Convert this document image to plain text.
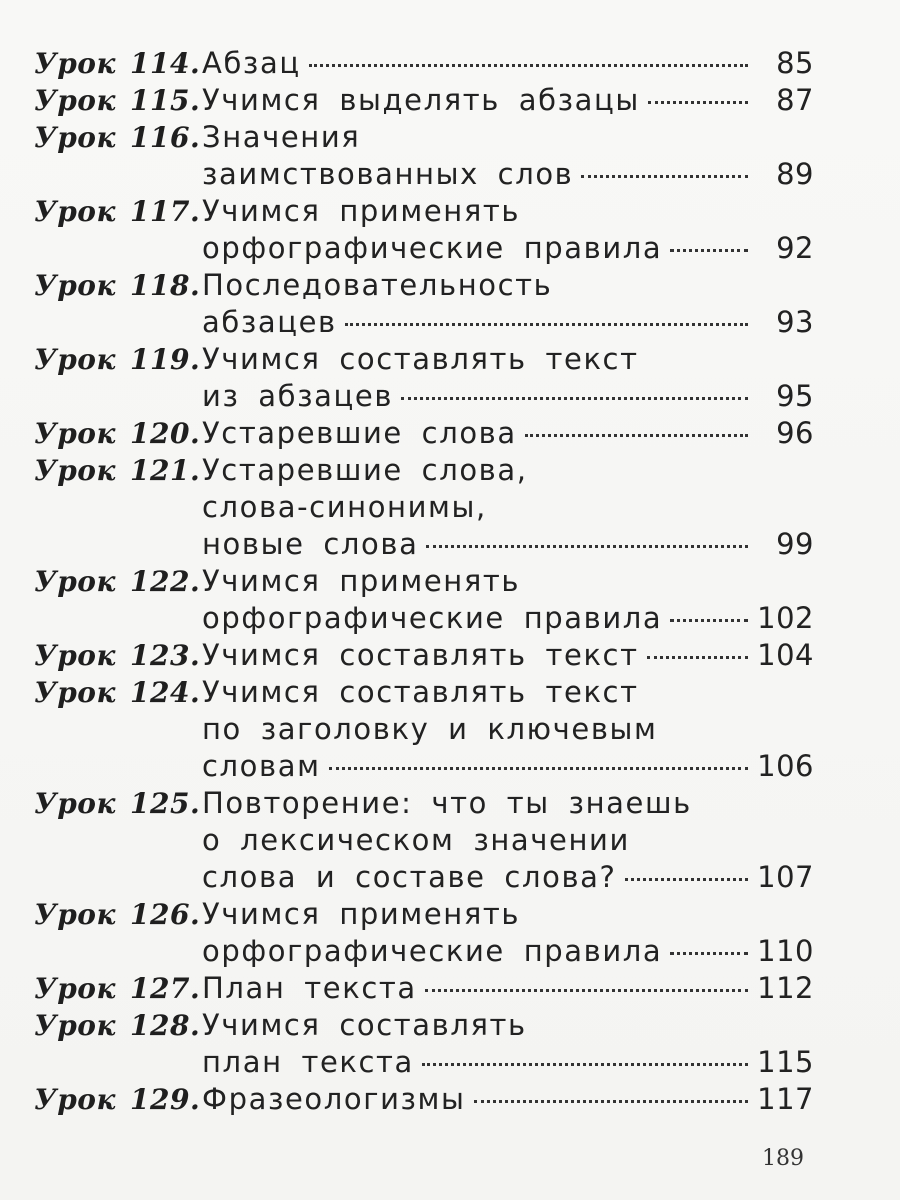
Урок 114. Абзац	85
Урок 115. Учимся выделять абзацы	87
Урок 116. Значения
заимствованных слов	89
Урок 117. Учимся применять
орфографические правила	92
Урок 118. Последовательность
абзацев	93
Урок 119. Учимся составлять текст
из абзацев	95
Урок 120. Устаревшие слова	96
Урок 121. Устаревшие слова,
слова-синонимы,
новые слова	99
Урок 122. Учимся применять
орфографические правила	102
Урок 123. Учимся составлять текст	104
Урок 124. Учимся составлять текст
по заголовку и ключевым
словам	106
Урок 125. Повторение: что ты знаешь
о лексическом значении
слова и составе слова?	107
Урок 126. Учимся применять
орфографические правила	110
Урок 127. План текста	112
Урок 128. Учимся составлять
план текста	115
Урок 129. Фразеологизмы	117
189
